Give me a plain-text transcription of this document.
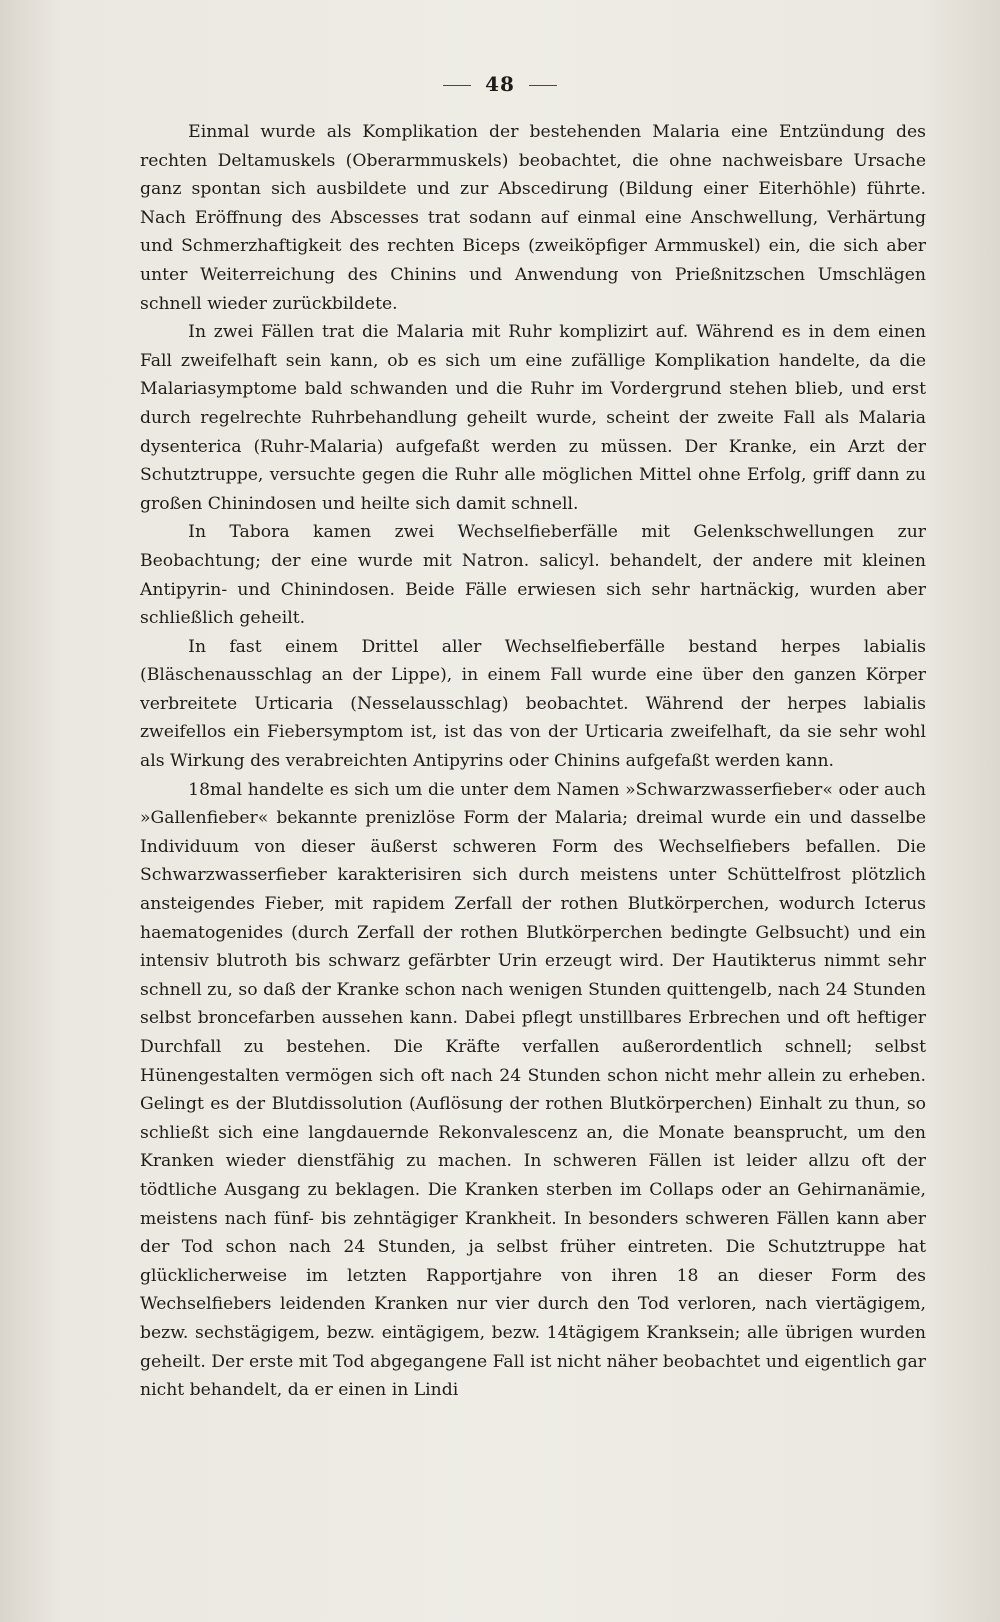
48

Einmal wurde als Komplikation der bestehenden Malaria eine Entzündung des rechten Deltamuskels (Oberarmmuskels) beobachtet, die ohne nachweisbare Ursache ganz spontan sich ausbildete und zur Abscedirung (Bildung einer Eiterhöhle) führte. Nach Eröffnung des Abscesses trat sodann auf einmal eine Anschwellung, Verhärtung und Schmerzhaftigkeit des rechten Biceps (zweiköpfiger Armmuskel) ein, die sich aber unter Weiterreichung des Chinins und Anwendung von Prießnitzschen Umschlägen schnell wieder zurückbildete.

In zwei Fällen trat die Malaria mit Ruhr komplizirt auf. Während es in dem einen Fall zweifelhaft sein kann, ob es sich um eine zufällige Komplikation handelte, da die Malariasymptome bald schwanden und die Ruhr im Vordergrund stehen blieb, und erst durch regelrechte Ruhrbehandlung geheilt wurde, scheint der zweite Fall als Malaria dysenterica (Ruhr-Malaria) aufgefaßt werden zu müssen. Der Kranke, ein Arzt der Schutztruppe, versuchte gegen die Ruhr alle möglichen Mittel ohne Erfolg, griff dann zu großen Chinindosen und heilte sich damit schnell.

In Tabora kamen zwei Wechselfieberfälle mit Gelenkschwellungen zur Beobachtung; der eine wurde mit Natron. salicyl. behandelt, der andere mit kleinen Antipyrin- und Chinindosen. Beide Fälle erwiesen sich sehr hartnäckig, wurden aber schließlich geheilt.

In fast einem Drittel aller Wechselfieberfälle bestand herpes labialis (Bläschenausschlag an der Lippe), in einem Fall wurde eine über den ganzen Körper verbreitete Urticaria (Nesselausschlag) beobachtet. Während der herpes labialis zweifellos ein Fiebersymptom ist, ist das von der Urticaria zweifelhaft, da sie sehr wohl als Wirkung des verabreichten Antipyrins oder Chinins aufgefaßt werden kann.

18mal handelte es sich um die unter dem Namen »Schwarzwasserfieber« oder auch »Gallenfieber« bekannte prenizlöse Form der Malaria; dreimal wurde ein und dasselbe Individuum von dieser äußerst schweren Form des Wechselfiebers befallen. Die Schwarzwasserfieber karakterisiren sich durch meistens unter Schüttelfrost plötzlich ansteigendes Fieber, mit rapidem Zerfall der rothen Blutkörperchen, wodurch Icterus haematogenides (durch Zerfall der rothen Blutkörperchen bedingte Gelbsucht) und ein intensiv blutroth bis schwarz gefärbter Urin erzeugt wird. Der Hautikterus nimmt sehr schnell zu, so daß der Kranke schon nach wenigen Stunden quittengelb, nach 24 Stunden selbst broncefarben aussehen kann. Dabei pflegt unstillbares Erbrechen und oft heftiger Durchfall zu bestehen. Die Kräfte verfallen außerordentlich schnell; selbst Hünengestalten vermögen sich oft nach 24 Stunden schon nicht mehr allein zu erheben. Gelingt es der Blutdissolution (Auflösung der rothen Blutkörperchen) Einhalt zu thun, so schließt sich eine langdauernde Rekonvalescenz an, die Monate beansprucht, um den Kranken wieder dienstfähig zu machen. In schweren Fällen ist leider allzu oft der tödtliche Ausgang zu beklagen. Die Kranken sterben im Collaps oder an Gehirnanämie, meistens nach fünf- bis zehntägiger Krankheit. In besonders schweren Fällen kann aber der Tod schon nach 24 Stunden, ja selbst früher eintreten. Die Schutztruppe hat glücklicherweise im letzten Rapportjahre von ihren 18 an dieser Form des Wechselfiebers leidenden Kranken nur vier durch den Tod verloren, nach viertägigem, bezw. sechstägigem, bezw. eintägigem, bezw. 14tägigem Kranksein; alle übrigen wurden geheilt. Der erste mit Tod abgegangene Fall ist nicht näher beobachtet und eigentlich gar nicht behandelt, da er einen in Lindi
